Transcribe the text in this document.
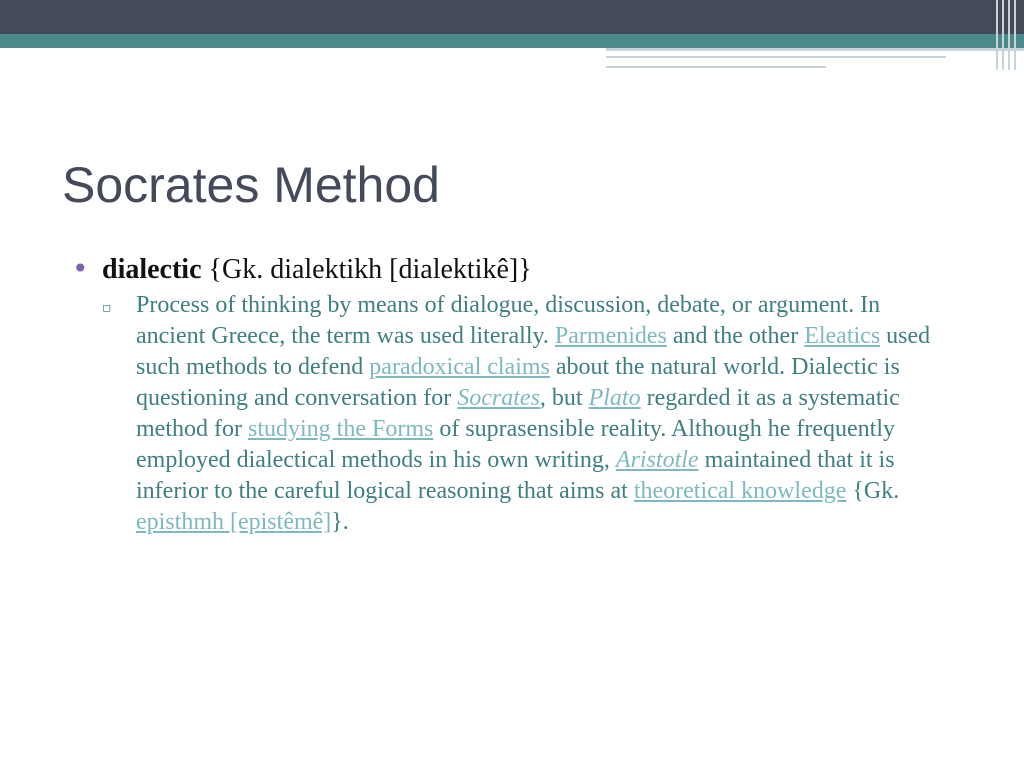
Socrates Method
• dialectic {Gk. dialektikh [dialektikê]}
▫	Process of thinking by means of dialogue, discussion, debate, or argument. In ancient Greece, the term was used literally. Parmenides and the other Eleatics used such methods to defend paradoxical claims about the natural world. Dialectic is questioning and conversation for Socrates, but Plato regarded it as a systematic method for studying the Forms of suprasensible reality. Although he frequently employed dialectical methods in his own writing, Aristotle maintained that it is inferior to the careful logical reasoning that aims at theoretical knowledge {Gk. episthmh [epistêmê]}.
